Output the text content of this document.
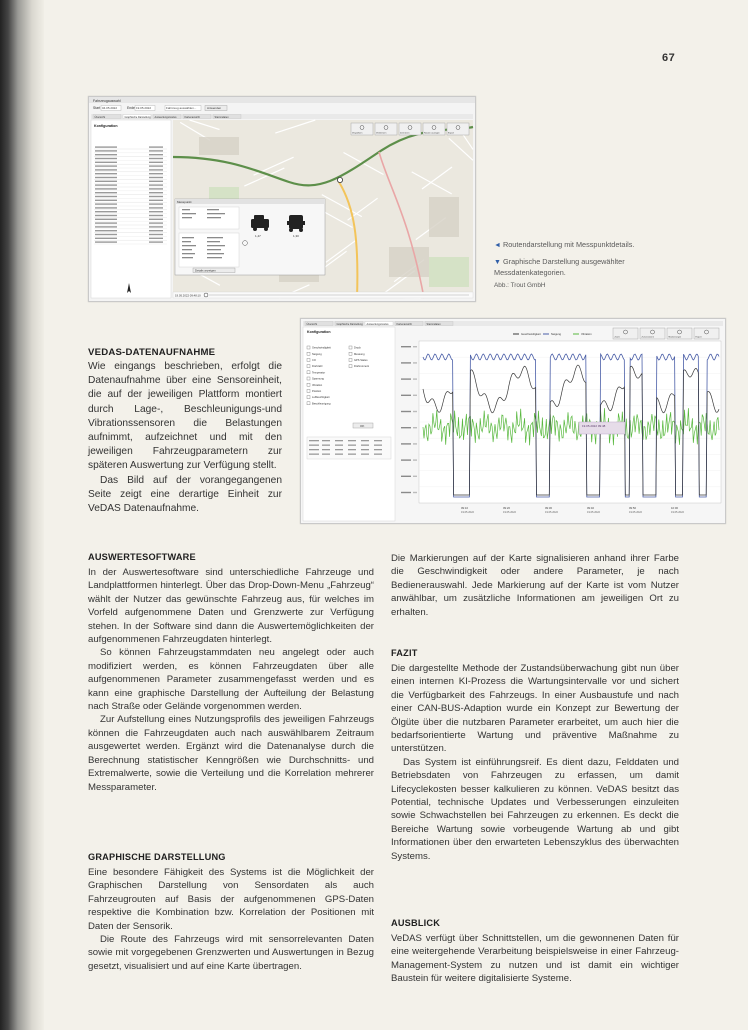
67
Fahrzeugauswahl
Start 04.05.2022	Ende 19.05.2022	Fahrzeug auswählen...	Anwenden
Übersicht	Graphische Darstellung Auswertungsmodus	Kartenansicht	Stammdaten
Konfiguration
Vergrößern	Verkleinern	Zentrieren	Routen anzeigen	Export
Messpunkt
1,47	1,30
Details anzeigen
19.05.2022 09:48:10
◄ Routendarstellung mit Messpunktdetails.
▼ Graphische Darstellung ausgewählter Messdatenkategorien.
Abb.: Trout GmbH
Übersicht	Graphische Darstellung Auswertungsmodus	Kartenansicht	Stammdaten
Konfiguration
Geschwindigkeit
Neigung
CO
Drehzahl
Temperatur
Spannung
Vibration
Position
Luftfeuchtigkeit
Beschleunigung
Druck
Messung
GPS Status
Drehmoment
OK
Zoom	Zurücksetzen	Markierungen	Export
Geschwindigkeit	Neigung	Vibration
09:10
19.05.2022
09:20
19.05.2022
09:30
19.05.2022
09:40
19.05.2022
09:50
19.05.2022
10:00
19.05.2022
19.05.2022 09:48
VEDAS-DATENAUFNAHME

Wie eingangs beschrieben, erfolgt die Datenaufnahme über eine Sensoreinheit, die auf der jeweiligen Plattform montiert durch Lage-, Beschleunigungs-und Vibrationssensoren die Belastungen aufnimmt, aufzeichnet und mit den jeweiligen Fahrzeugparametern zur späteren Auswertung zur Verfügung stellt.

Das Bild auf der vorangegangenen Seite zeigt eine derartige Einheit zur VeDAS Datenaufnahme.

AUSWERTESOFTWARE

In der Auswertesoftware sind unterschiedliche Fahrzeuge und Landplattformen hinterlegt. Über das Drop-Down-Menu „Fahrzeug“ wählt der Nutzer das gewünschte Fahrzeug aus, für welches im Vorfeld aufgenommene Daten und Grenzwerte zur Verfügung stehen. In der Software sind dann die Auswertemöglichkeiten der aufgenommenen Fahrzeugdaten hinterlegt.

So können Fahrzeugstammdaten neu angelegt oder auch modifiziert werden, es können Fahrzeugdaten über alle aufgenommenen Parameter zusammengefasst werden und es kann eine graphische Darstellung der Aufteilung der Belastung nach Straße oder Gelände vorgenommen werden.

Zur Aufstellung eines Nutzungsprofils des jeweiligen Fahrzeugs können die Fahrzeugdaten auch nach auswählbarem Zeitraum ausgewertet werden. Ergänzt wird die Datenanalyse durch die Berechnung statistischer Kenngrößen wie Durchschnitts- und Extremalwerte, sowie die Verteilung und die Korrelation mehrerer Messparameter.

GRAPHISCHE DARSTELLUNG

Eine besondere Fähigkeit des Systems ist die Möglichkeit der Graphischen Darstellung von Sensordaten als auch Fahrzeugrouten auf Basis der aufgenommenen GPS-Daten respektive die Kombination bzw. Korrelation der Positionen mit Daten der Sensorik.

Die Route des Fahrzeugs wird mit sensorrelevanten Daten sowie mit vorgegebenen Grenzwerten und Auswertungen in Bezug gesetzt, visualisiert und auf eine Karte übertragen.

Die Markierungen auf der Karte signalisieren anhand ihrer Farbe die Geschwindigkeit oder andere Parameter, je nach Bedienerauswahl. Jede Markierung auf der Karte ist vom Nutzer anwählbar, um zusätzliche Informationen am jeweiligen Ort zu erhalten.

FAZIT

Die dargestellte Methode der Zustandsüberwachung gibt nun über einen internen KI-Prozess die Wartungsintervalle vor und sichert die Verfügbarkeit des Fahrzeugs. In einer Ausbaustufe und nach einer CAN-BUS-Adaption wurde ein Konzept zur Bewertung der Ölgüte über die nutzbaren Parameter erarbeitet, um auch hier die bedarfsorientierte Wartung und präventive Maßnahme zu unterstützen.

Das System ist einführungsreif. Es dient dazu, Felddaten und Betriebsdaten von Fahrzeugen zu erfassen, um damit Lifecyclekosten besser kalkulieren zu können. VeDAS besitzt das Potential, technische Updates und Verbesserungen einzuleiten sowie Schwachstellen bei Fahrzeugen zu erkennen. Es deckt die Bereiche Wartung sowie vorbeugende Wartung ab und gibt Informationen über den erwarteten Lebenszyklus des überwachten Systems.

AUSBLICK

VeDAS verfügt über Schnittstellen, um die gewonnenen Daten für eine weitergehende Verarbeitung beispielsweise in einer Fahrzeug-Management-System zu nutzen und ist damit ein wichtiger Baustein für weitere digitalisierte Systeme.
